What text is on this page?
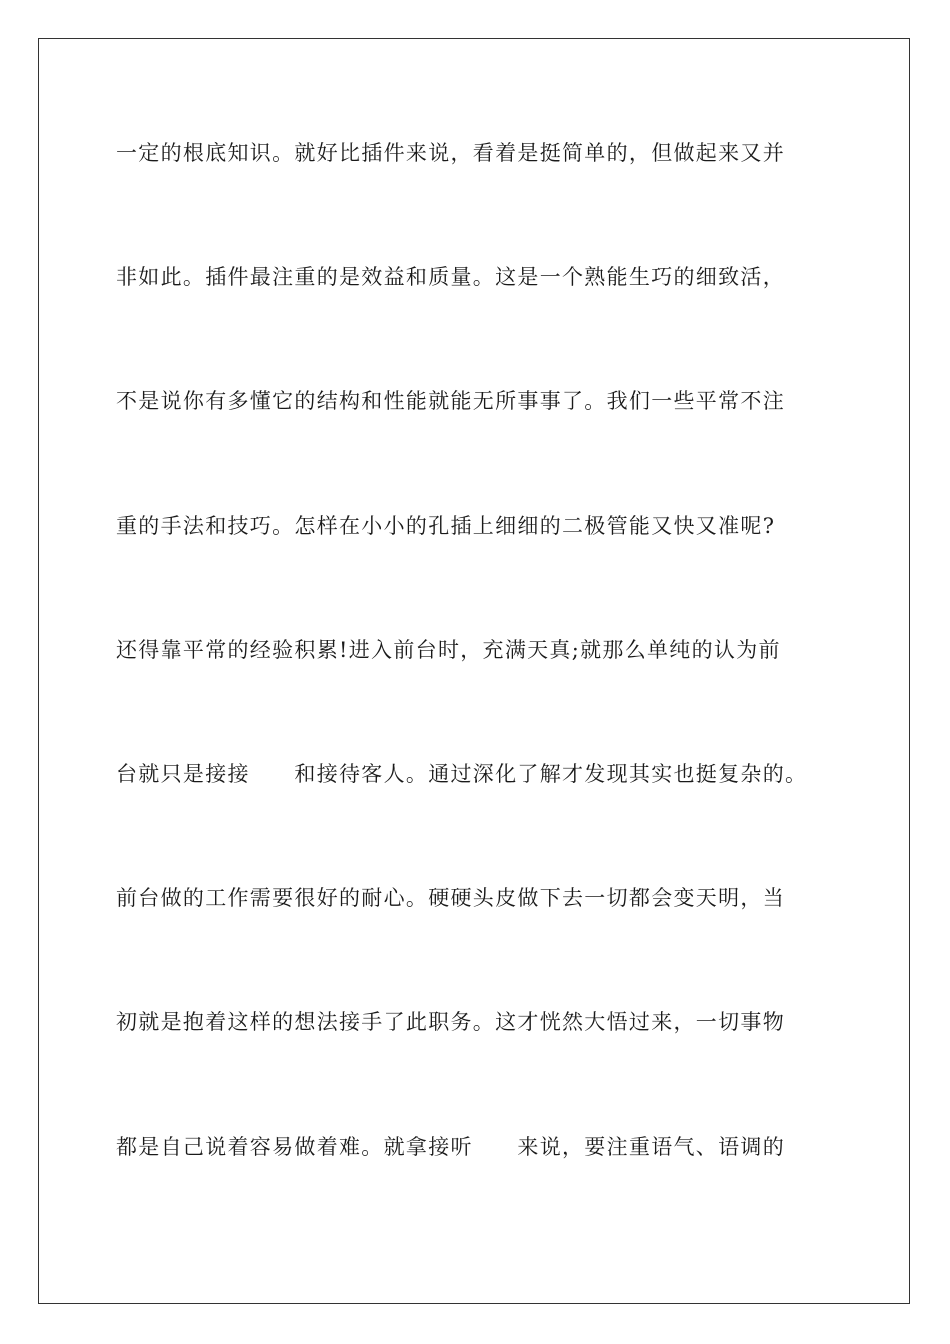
一定的根底知识。就好比插件来说，看着是挺简单的，但做起来又并
非如此。插件最注重的是效益和质量。这是一个熟能生巧的细致活，
不是说你有多懂它的结构和性能就能无所事事了。我们一些平常不注
重的手法和技巧。怎样在小小的孔插上细细的二极管能又快又准呢?
还得靠平常的经验积累!进入前台时，充满天真;就那么单纯的认为前
台就只是接接　　和接待客人。通过深化了解才发现其实也挺复杂的。
前台做的工作需要很好的耐心。硬硬头皮做下去一切都会变天明，当
初就是抱着这样的想法接手了此职务。这才恍然大悟过来，一切事物
都是自己说着容易做着难。就拿接听　　来说，要注重语气、语调的
